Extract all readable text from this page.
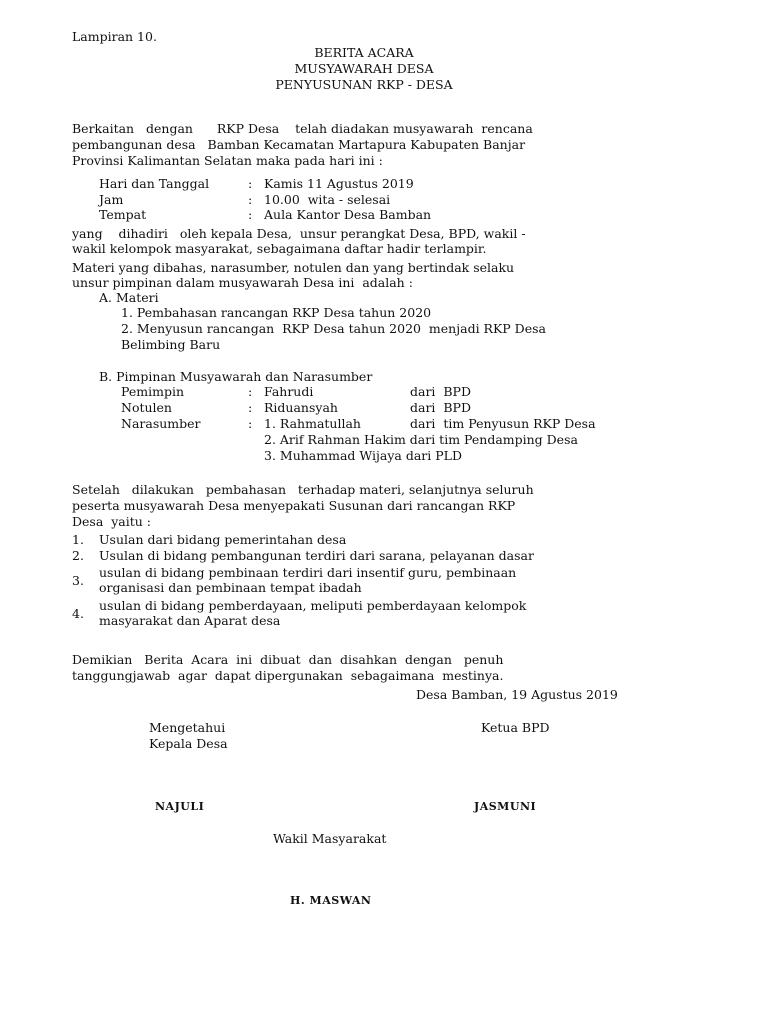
Lampiran 10.
BERITA ACARA
MUSYAWARAH DESA
PENYUSUNAN RKP - DESA
Berkaitan   dengan      RKP Desa    telah diadakan musyawarah  rencana
pembangunan desa   Bamban Kecamatan Martapura Kabupaten Banjar
Provinsi Kalimantan Selatan maka pada hari ini :
Hari dan Tanggal	: Kamis 11 Agustus 2019
Jam	: 10.00  wita - selesai
Tempat	: Aula Kantor Desa Bamban
yang    dihadiri   oleh kepala Desa,  unsur perangkat Desa, BPD, wakil -
wakil kelompok masyarakat, sebagaimana daftar hadir terlampir.
Materi yang dibahas, narasumber, notulen dan yang bertindak selaku
unsur pimpinan dalam musyawarah Desa ini  adalah :
A. Materi
1. Pembahasan rancangan RKP Desa tahun 2020
2. Menyusun rancangan  RKP Desa tahun 2020  menjadi RKP Desa
Belimbing Baru
B. Pimpinan Musyawarah dan Narasumber
Pemimpin	: Fahrudi	dari  BPD
Notulen	: Riduansyah	dari  BPD
Narasumber	: 1. Rahmatullah	dari  tim Penyusun RKP Desa
2. Arif Rahman Hakim dari tim Pendamping Desa
3. Muhammad Wijaya dari PLD
Setelah   dilakukan   pembahasan   terhadap materi, selanjutnya seluruh
peserta musyawarah Desa menyepakati Susunan dari rancangan RKP
Desa  yaitu :
1. Usulan dari bidang pemerintahan desa
2. Usulan di bidang pembangunan terdiri dari sarana, pelayanan dasar
3.
usulan di bidang pembinaan terdiri dari insentif guru, pembinaan
organisasi dan pembinaan tempat ibadah
4.
usulan di bidang pemberdayaan, meliputi pemberdayaan kelompok
masyarakat dan Aparat desa
Demikian   Berita  Acara  ini  dibuat  dan  disahkan  dengan   penuh
tanggungjawab  agar  dapat dipergunakan  sebagaimana  mestinya.
Desa Bamban, 19 Agustus 2019
Mengetahui
Kepala Desa
Ketua BPD
NAJULI	JASMUNI
Wakil Masyarakat
H. MASWAN
